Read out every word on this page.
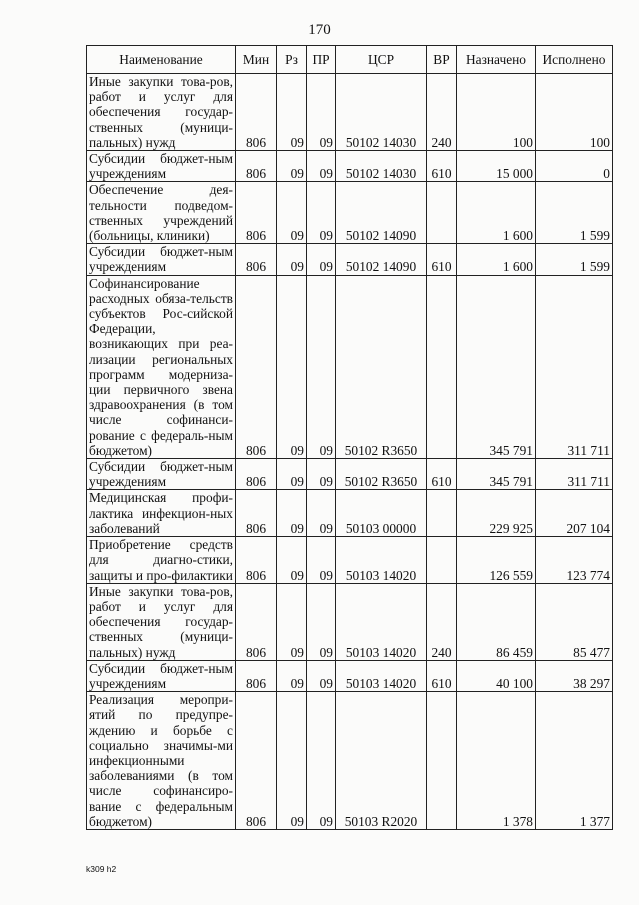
170
Наименование	Мин	Рз	ПР	ЦСР	ВР	Назначено	Исполнено
Иные закупки това-ров, работ и услуг для обеспечения государ-ственных (муници-пальных) нужд	806	09	09	50102 14030	240	100	100
Субсидии бюджет-ным учреждениям	806	09	09	50102 14030	610	15 000	0
Обеспечение дея-тельности подведом-ственных учреждений (больницы, клиники)	806	09	09	50102 14090		1 600	1 599
Субсидии бюджет-ным учреждениям	806	09	09	50102 14090	610	1 600	1 599
Софинансирование расходных обяза-тельств субъектов Рос-сийской Федерации, возникающих при реа-лизации региональных программ модерниза-ции первичного звена здравоохранения (в том числе софинанси-рование с федераль-ным бюджетом)	806	09	09	50102 R3650		345 791	311 711
Субсидии бюджет-ным учреждениям	806	09	09	50102 R3650	610	345 791	311 711
Медицинская профи-лактика инфекцион-ных заболеваний	806	09	09	50103 00000		229 925	207 104
Приобретение средств для диагно-стики, защиты и про-филактики	806	09	09	50103 14020		126 559	123 774
Иные закупки това-ров, работ и услуг для обеспечения государ-ственных (муници-пальных) нужд	806	09	09	50103 14020	240	86 459	85 477
Субсидии бюджет-ным учреждениям	806	09	09	50103 14020	610	40 100	38 297
Реализация меропри-ятий по предупре-ждению и борьбе с социально значимы-ми инфекционными заболеваниями (в том числе софинансиро-вание с федеральным бюджетом)	806	09	09	50103 R2020		1 378	1 377
k309 h2
